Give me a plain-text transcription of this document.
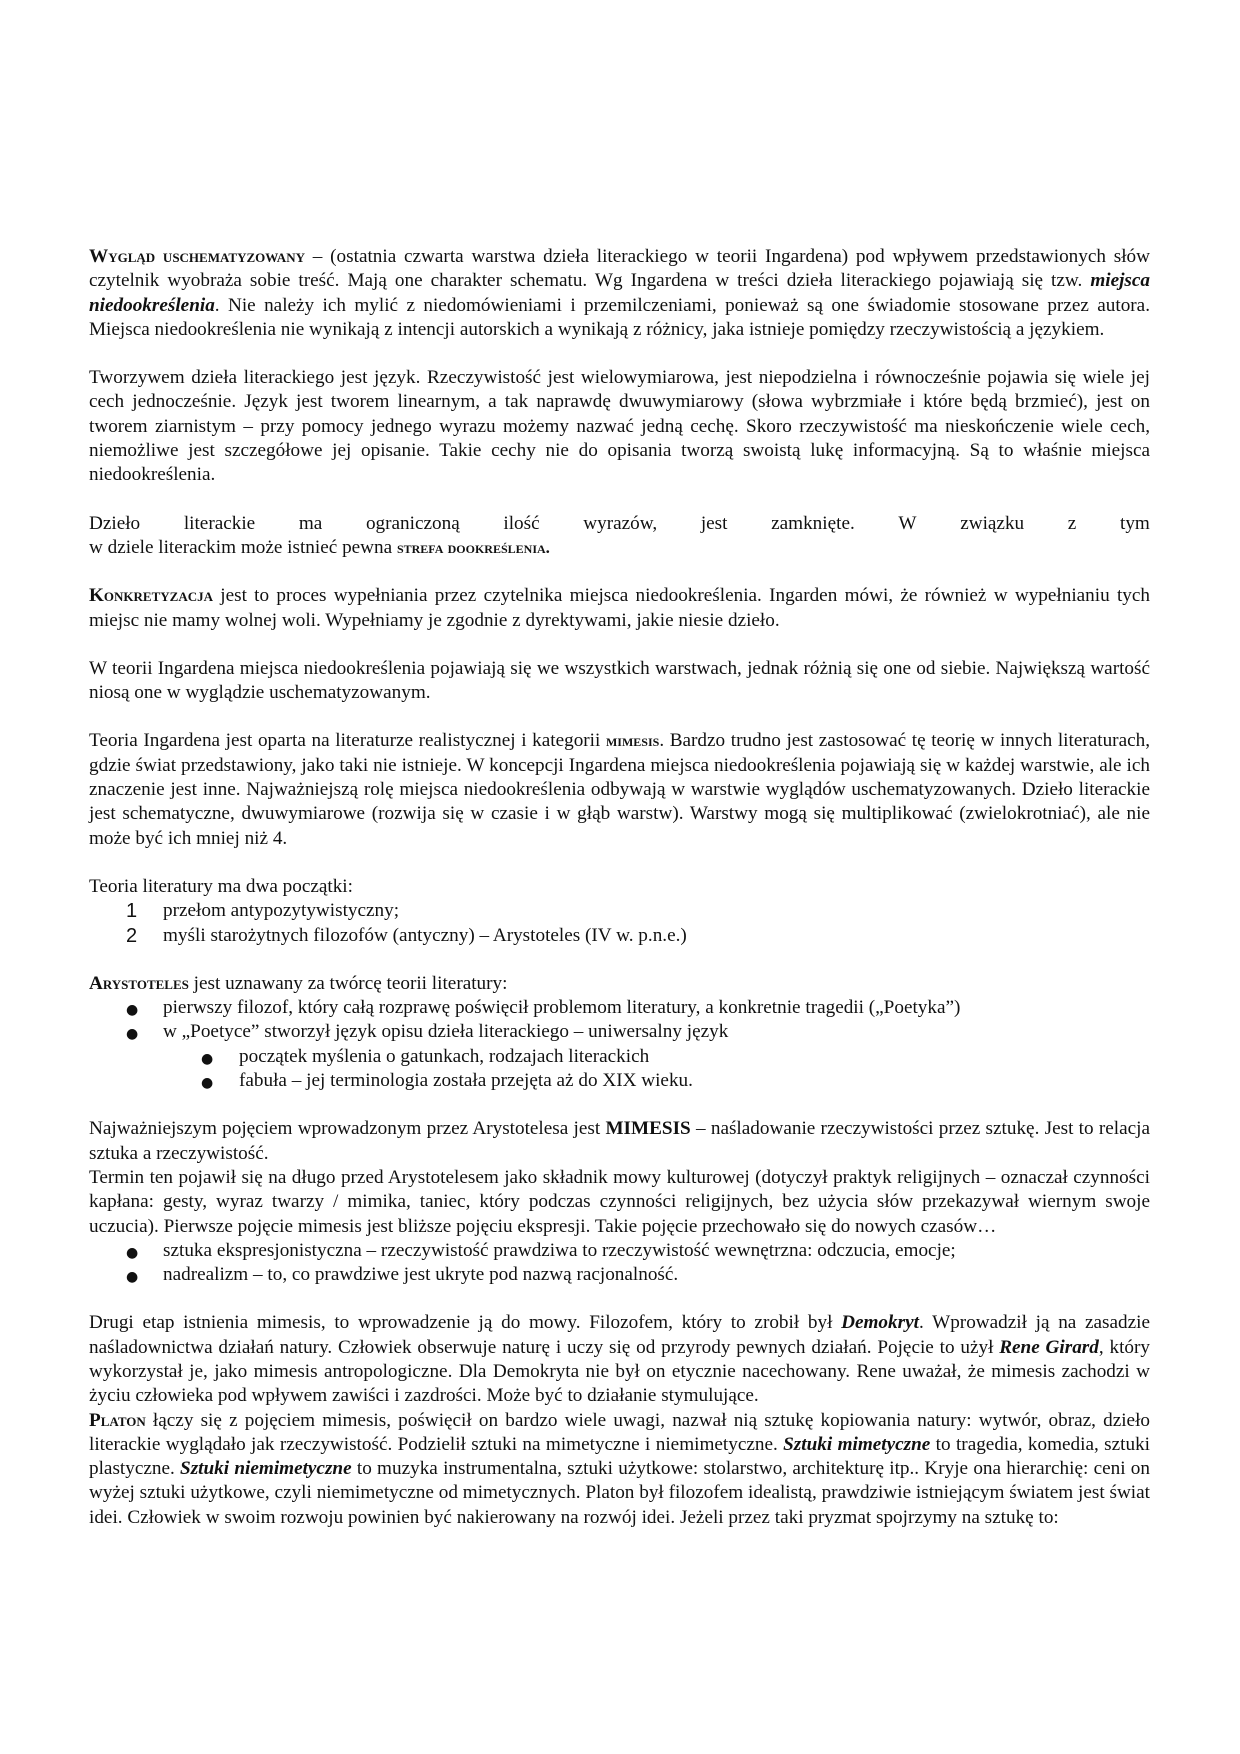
Wygląd uschematyzowany – (ostatnia czwarta warstwa dzieła literackiego w teorii Ingardena) pod wpływem przedstawionych słów czytelnik wyobraża sobie treść. Mają one charakter schematu. Wg Ingardena w treści dzieła literackiego pojawiają się tzw. miejsca niedookreślenia. Nie należy ich mylić z niedomówieniami i przemilczeniami, ponieważ są one świadomie stosowane przez autora. Miejsca niedookreślenia nie wynikają z intencji autorskich a wynikają z różnicy, jaka istnieje pomiędzy rzeczywistością a językiem.

Tworzywem dzieła literackiego jest język. Rzeczywistość jest wielowymiarowa, jest niepodzielna i równocześnie pojawia się wiele jej cech jednocześnie. Język jest tworem linearnym, a tak naprawdę dwuwymiarowy (słowa wybrzmiałe i które będą brzmieć), jest on tworem ziarnistym – przy pomocy jednego wyrazu możemy nazwać jedną cechę. Skoro rzeczywistość ma nieskończenie wiele cech, niemożliwe jest szczegółowe jej opisanie. Takie cechy nie do opisania tworzą swoistą lukę informacyjną. Są to właśnie miejsca niedookreślenia.

Dzieło literackie ma ograniczoną ilość wyrazów, jest zamknięte. W związku z tym
w dziele literackim może istnieć pewna strefa dookreślenia.

Konkretyzacja jest to proces wypełniania przez czytelnika miejsca niedookreślenia. Ingarden mówi, że również w wypełnianiu tych miejsc nie mamy wolnej woli. Wypełniamy je zgodnie z dyrektywami, jakie niesie dzieło.

W teorii Ingardena miejsca niedookreślenia pojawiają się we wszystkich warstwach, jednak różnią się one od siebie. Największą wartość niosą one w wyglądzie uschematyzowanym.

Teoria Ingardena jest oparta na literaturze realistycznej i kategorii mimesis. Bardzo trudno jest zastosować tę teorię w innych literaturach, gdzie świat przedstawiony, jako taki nie istnieje. W koncepcji Ingardena miejsca niedookreślenia pojawiają się w każdej warstwie, ale ich znaczenie jest inne. Najważniejszą rolę miejsca niedookreślenia odbywają w warstwie wyglądów uschematyzowanych. Dzieło literackie jest schematyczne, dwuwymiarowe (rozwija się w czasie i w głąb warstw). Warstwy mogą się multiplikować (zwielokrotniać), ale nie może być ich mniej niż 4.

Teoria literatury ma dwa początki:
1 przełom antypozytywistyczny;
2 myśli starożytnych filozofów (antyczny) – Arystoteles (IV w. p.n.e.)
Arystoteles jest uznawany za twórcę teorii literatury:
● pierwszy filozof, który całą rozprawę poświęcił problemom literatury, a konkretnie tragedii („Poetyka”)
● w „Poetyce” stworzył język opisu dzieła literackiego – uniwersalny język
● początek myślenia o gatunkach, rodzajach literackich
● fabuła – jej terminologia została przejęta aż do XIX wieku.

Najważniejszym pojęciem wprowadzonym przez Arystotelesa jest MIMESIS – naśladowanie rzeczywistości przez sztukę. Jest to relacja sztuka a rzeczywistość.

Termin ten pojawił się na długo przed Arystotelesem jako składnik mowy kulturowej (dotyczył praktyk religijnych – oznaczał czynności kapłana: gesty, wyraz twarzy / mimika, taniec, który podczas czynności religijnych, bez użycia słów przekazywał wiernym swoje uczucia). Pierwsze pojęcie mimesis jest bliższe pojęciu ekspresji. Takie pojęcie przechowało się do nowych czasów…

● sztuka ekspresjonistyczna – rzeczywistość prawdziwa to rzeczywistość wewnętrzna: odczucia, emocje;
● nadrealizm – to, co prawdziwe jest ukryte pod nazwą racjonalność.

Drugi etap istnienia mimesis, to wprowadzenie ją do mowy. Filozofem, który to zrobił był Demokryt. Wprowadził ją na zasadzie naśladownictwa działań natury. Człowiek obserwuje naturę i uczy się od przyrody pewnych działań. Pojęcie to użył Rene Girard, który wykorzystał je, jako mimesis antropologiczne. Dla Demokryta nie był on etycznie nacechowany. Rene uważał, że mimesis zachodzi w życiu człowieka pod wpływem zawiści i zazdrości. Może być to działanie stymulujące.

Platon łączy się z pojęciem mimesis, poświęcił on bardzo wiele uwagi, nazwał nią sztukę kopiowania natury: wytwór, obraz, dzieło literackie wyglądało jak rzeczywistość. Podzielił sztuki na mimetyczne i niemimetyczne. Sztuki mimetyczne to tragedia, komedia, sztuki plastyczne. Sztuki niemimetyczne to muzyka instrumentalna, sztuki użytkowe: stolarstwo, architekturę itp.. Kryje ona hierarchię: ceni on wyżej sztuki użytkowe, czyli niemimetyczne od mimetycznych. Platon był filozofem idealistą, prawdziwie istniejącym światem jest świat idei. Człowiek w swoim rozwoju powinien być nakierowany na rozwój idei. Jeżeli przez taki pryzmat spojrzymy na sztukę to:
